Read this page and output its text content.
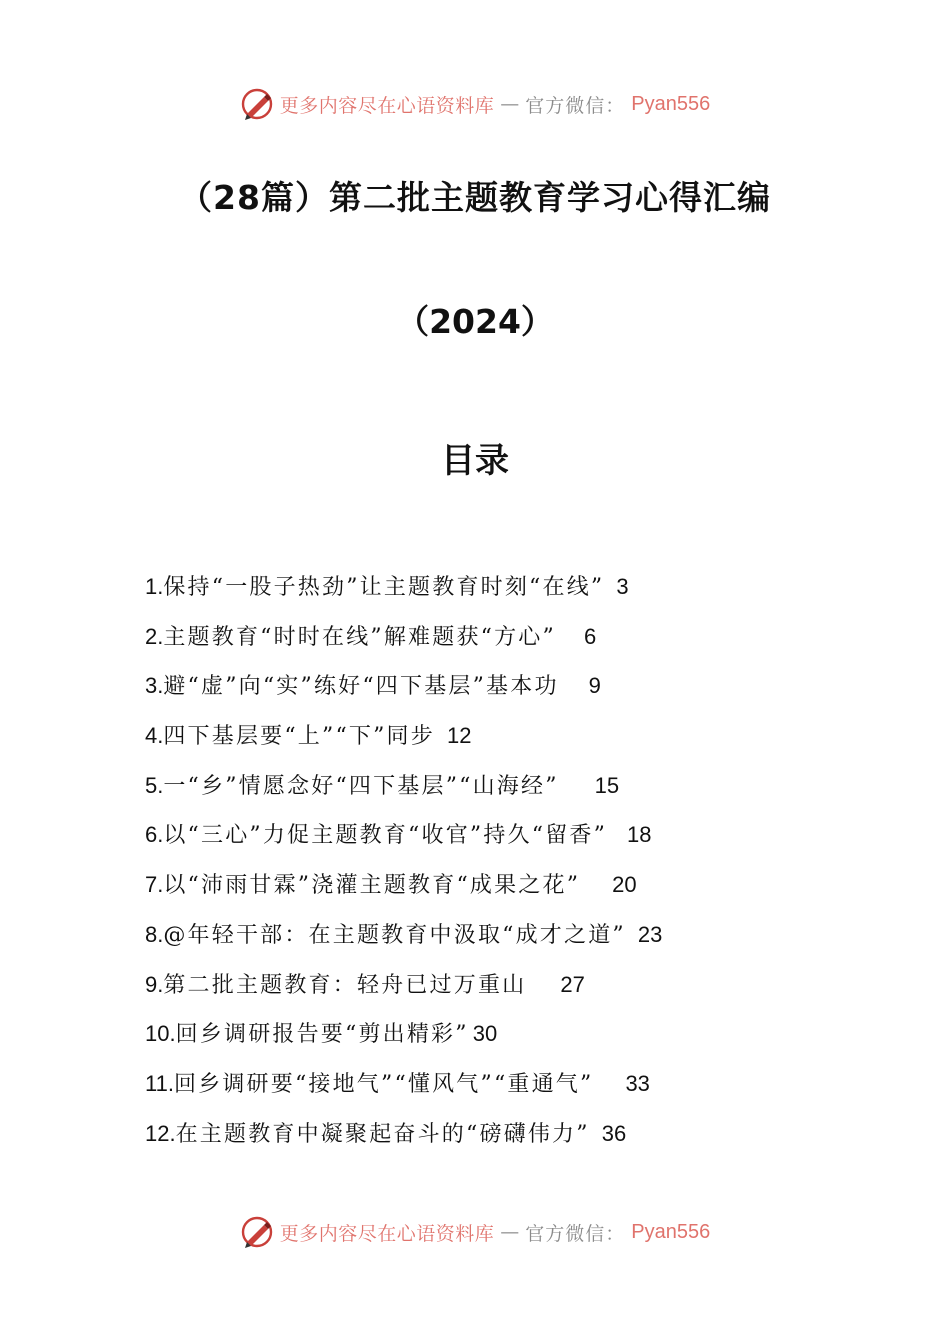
更多内容尽在心语资料库 — 官方微信： Pyan556
（28篇）第二批主题教育学习心得汇编
（2024）
目录
1.保持“一股子热劲”让主题教育时刻“在线” 3
2.主题教育“时时在线”解难题获“方心” 6
3.避“虚”向“实”练好“四下基层”基本功 9
4.四下基层要“上”“下”同步 12
5.一“乡”情愿念好“四下基层”“山海经” 15
6.以“三心”力促主题教育“收官”持久“留香” 18
7.以“沛雨甘霖”浇灌主题教育“成果之花” 20
8.@年轻干部：在主题教育中汲取“成才之道” 23
9.第二批主题教育：轻舟已过万重山 27
10.回乡调研报告要“剪出精彩” 30
11.回乡调研要“接地气”“懂风气”“重通气” 33
12.在主题教育中凝聚起奋斗的“磅礴伟力” 36
更多内容尽在心语资料库 — 官方微信： Pyan556
